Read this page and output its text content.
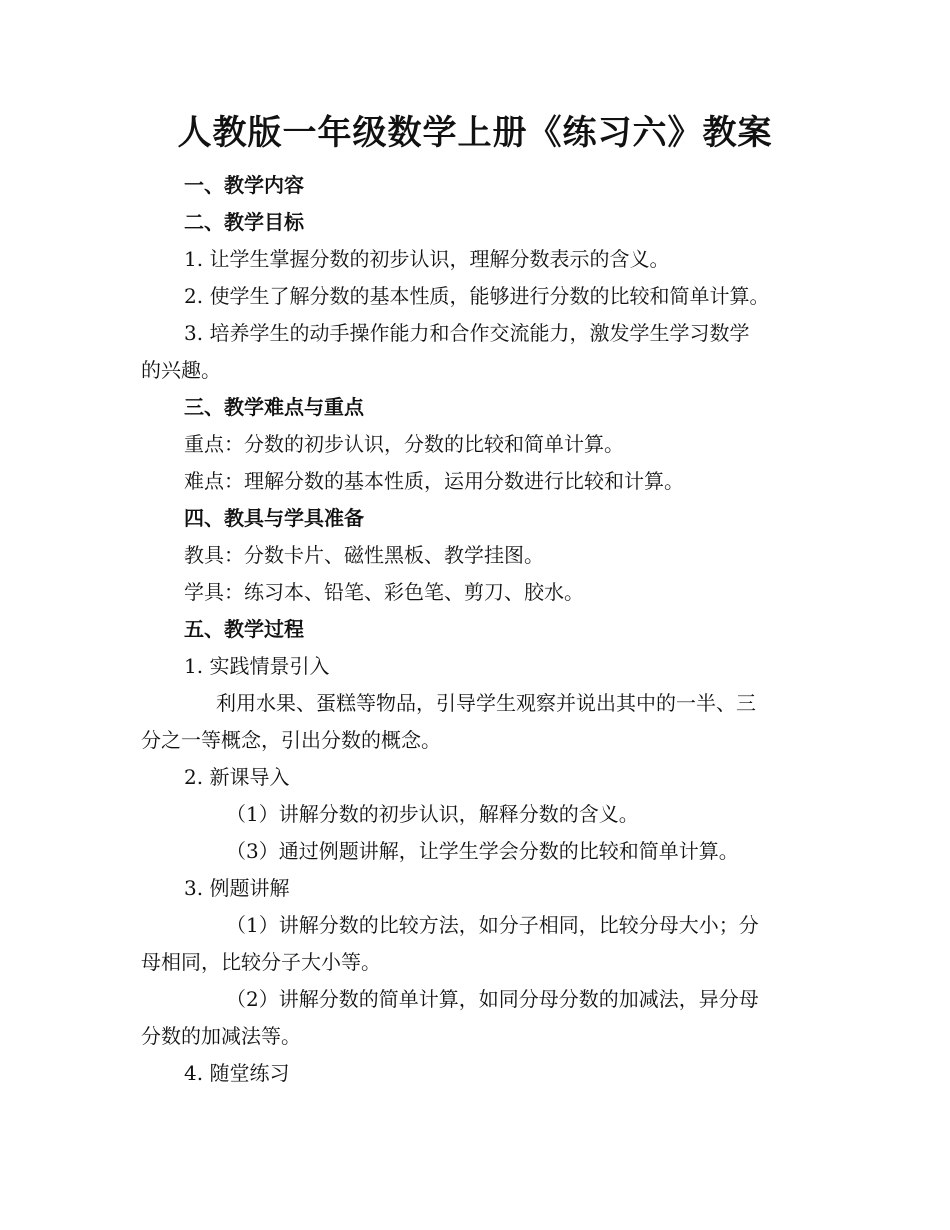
人教版一年级数学上册《练习六》教案
一、教学内容
二、教学目标
1. 让学生掌握分数的初步认识，理解分数表示的含义。
2. 使学生了解分数的基本性质，能够进行分数的比较和简单计算。
3. 培养学生的动手操作能力和合作交流能力，激发学生学习数学
的兴趣。
三、教学难点与重点
重点：分数的初步认识，分数的比较和简单计算。
难点：理解分数的基本性质，运用分数进行比较和计算。
四、教具与学具准备
教具：分数卡片、磁性黑板、教学挂图。
学具：练习本、铅笔、彩色笔、剪刀、胶水。
五、教学过程
1. 实践情景引入
利用水果、蛋糕等物品，引导学生观察并说出其中的一半、三
分之一等概念，引出分数的概念。
2. 新课导入
（1）讲解分数的初步认识，解释分数的含义。
（3）通过例题讲解，让学生学会分数的比较和简单计算。
3. 例题讲解
（1）讲解分数的比较方法，如分子相同，比较分母大小；分
母相同，比较分子大小等。
（2）讲解分数的简单计算，如同分母分数的加减法，异分母
分数的加减法等。
4. 随堂练习
